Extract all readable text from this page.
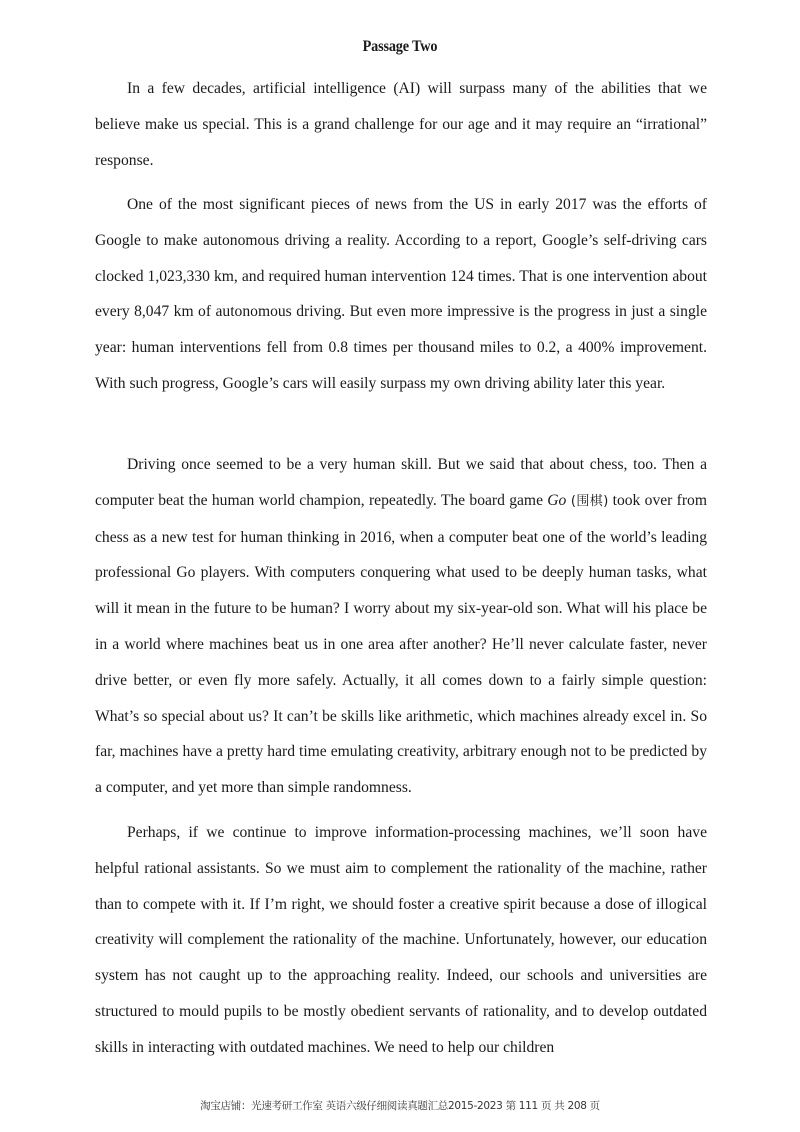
Passage Two

In a few decades, artificial intelligence (AI) will surpass many of the abilities that we believe make us special. This is a grand challenge for our age and it may require an “irrational” response.

One of the most significant pieces of news from the US in early 2017 was the efforts of Google to make autonomous driving a reality. According to a report, Google’s self-driving cars clocked 1,023,330 km, and required human intervention 124 times. That is one intervention about every 8,047 km of autonomous driving. But even more impressive is the progress in just a single year: human interventions fell from 0.8 times per thousand miles to 0.2, a 400% improvement. With such progress, Google’s cars will easily surpass my own driving ability later this year.

Driving once seemed to be a very human skill. But we said that about chess, too. Then a computer beat the human world champion, repeatedly. The board game Go (围棋) took over from chess as a new test for human thinking in 2016, when a computer beat one of the world’s leading professional Go players. With computers conquering what used to be deeply human tasks, what will it mean in the future to be human? I worry about my six-year-old son. What will his place be in a world where machines beat us in one area after another? He’ll never calculate faster, never drive better, or even fly more safely. Actually, it all comes down to a fairly simple question: What’s so special about us? It can’t be skills like arithmetic, which machines already excel in. So far, machines have a pretty hard time emulating creativity, arbitrary enough not to be predicted by a computer, and yet more than simple randomness.

Perhaps, if we continue to improve information-processing machines, we’ll soon have helpful rational assistants. So we must aim to complement the rationality of the machine, rather than to compete with it. If I’m right, we should foster a creative spirit because a dose of illogical creativity will complement the rationality of the machine. Unfortunately, however, our education system has not caught up to the approaching reality. Indeed, our schools and universities are structured to mould pupils to be mostly obedient servants of rationality, and to develop outdated skills in interacting with outdated machines. We need to help our children

淘宝店铺：光速考研工作室 英语六级仔细阅读真题汇总2015-2023 第 111 页 共 208 页
